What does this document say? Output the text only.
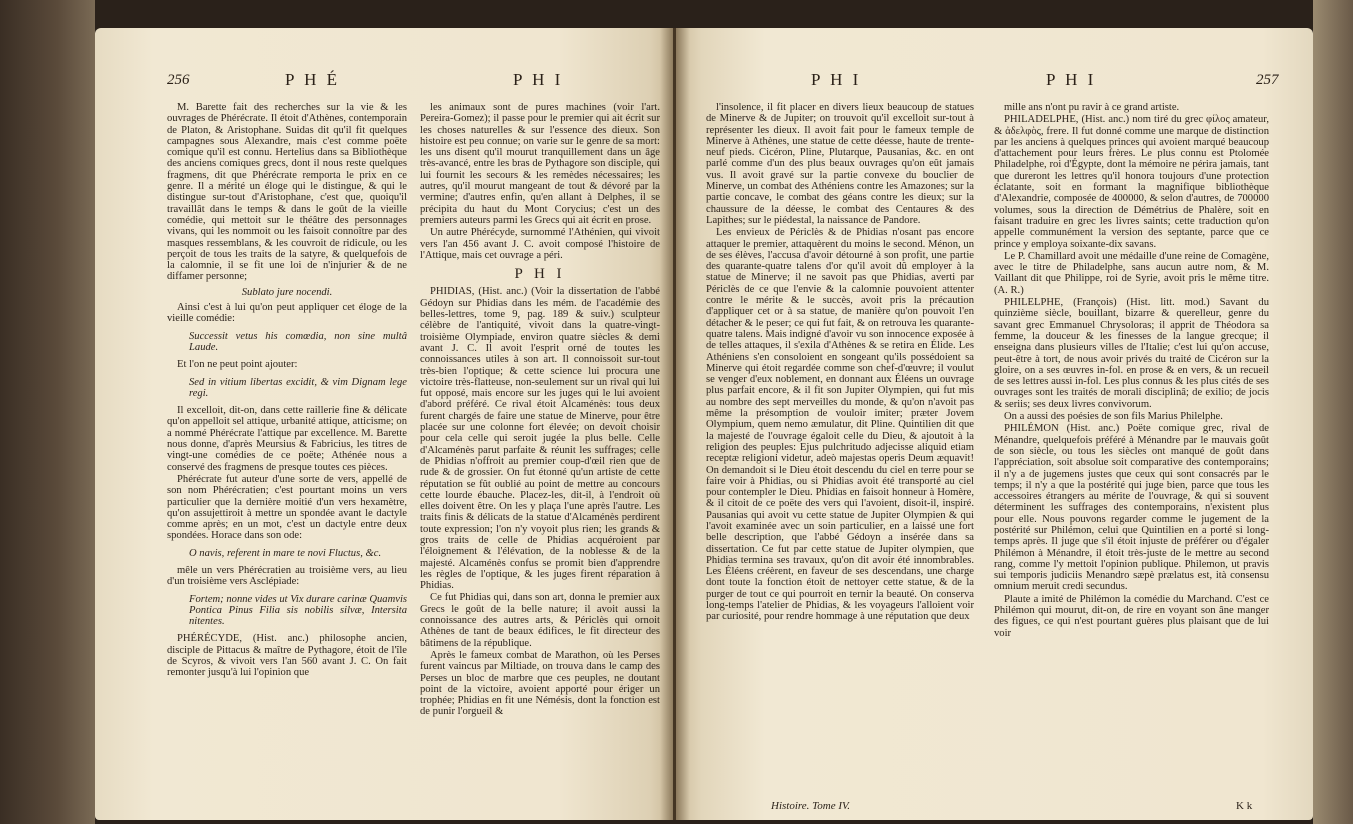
256	P H É	P H I

M. Barette fait des recherches sur la vie & les ouvrages de Phérécrate. Il étoit d'Athènes, contemporain de Platon, & Aristophane. Suidas dit qu'il fit quelques campagnes sous Alexandre, mais c'est comme poëte comique qu'il est connu. Hertelius dans sa Bibliothèque des anciens comiques grecs, dont il nous reste quelques fragmens, dit que Phérécrate remporta le prix en ce genre. Il a mérité un éloge qui le distingue, & qui le distingue sur-tout d'Aristophane, c'est que, quoiqu'il travaillât dans le temps & dans le goût de la vieille comédie, qui mettoit sur le théâtre des personnages vivans, qui les nommoit ou les faisoit connoître par des masques ressemblans, & les couvroit de ridicule, ou les perçoit de tous les traits de la satyre, & quelquefois de la calomnie, il se fit une loi de n'injurier & de ne diffamer personne;

Sublato jure nocendi.

Ainsi c'est à lui qu'on peut appliquer cet éloge de la vieille comédie:

Successit vetus his comœdia, non sine multâ Laude.

Et l'on ne peut point ajouter:

Sed in vitium libertas excidit, & vim Dignam lege regi.

Il excelloit, dit-on, dans cette raillerie fine & délicate qu'on appelloit sel attique, urbanité attique, atticisme; on a nommé Phérécrate l'attique par excellence. M. Barette nous donne, d'après Meursius & Fabricius, les titres de vingt-une comédies de ce poëte; Athénée nous a conservé des fragmens de presque toutes ces pièces.

Phérécrate fut auteur d'une sorte de vers, appellé de son nom Phérécratien; c'est pourtant moins un vers particulier que la dernière moitié d'un vers hexamètre, qu'on assujettiroit à mettre un spondée avant le dactyle comme après; en un mot, c'est un dactyle entre deux spondées. Horace dans son ode:

O navis, referent in mare te novi Fluctus, &c.

mêle un vers Phérécratien au troisième vers, au lieu d'un troisième vers Asclépiade:

Fortem; nonne vides ut Vix durare carinæ Quamvis Pontica Pinus Filia sis nobilis silvæ, Intersita nitentes.

PHÉRÉCYDE, (Hist. anc.) philosophe ancien, disciple de Pittacus & maître de Pythagore, étoit de l'île de Scyros, & vivoit vers l'an 560 avant J. C. On fait remonter jusqu'à lui l'opinion que

les animaux sont de pures machines (voir l'art. Pereira-Gomez); il passe pour le premier qui ait écrit sur les choses naturelles & sur l'essence des dieux. Son histoire est peu connue; on varie sur le genre de sa mort: les uns disent qu'il mourut tranquillement dans un âge très-avancé, entre les bras de Pythagore son disciple, qui lui fournit les secours & les remèdes nécessaires; les autres, qu'il mourut mangeant de tout & dévoré par la vermine; d'autres enfin, qu'en allant à Delphes, il se précipita du haut du Mont Corycius; c'est un des premiers auteurs parmi les Grecs qui ait écrit en prose.

Un autre Phérécyde, surnommé l'Athénien, qui vivoit vers l'an 456 avant J. C. avoit composé l'histoire de l'Attique, mais cet ouvrage a péri.

P H I

PHIDIAS, (Hist. anc.) (Voir la dissertation de l'abbé Gédoyn sur Phidias dans les mém. de l'académie des belles-lettres, tome 9, pag. 189 & suiv.) sculpteur célèbre de l'antiquité, vivoit dans la quatre-vingt-troisième Olympiade, environ quatre siècles & demi avant J. C. Il avoit l'esprit orné de toutes les connoissances utiles à son art. Il connoissoit sur-tout très-bien l'optique; & cette science lui procura une victoire très-flatteuse, non-seulement sur un rival qui lui fut opposé, mais encore sur les juges qui le lui avoient d'abord préféré. Ce rival étoit Alcaménès: tous deux furent chargés de faire une statue de Minerve, pour être placée sur une colonne fort élevée; on devoit choisir pour cela celle qui seroit jugée la plus belle. Celle d'Alcaménès parut parfaite & réunit les suffrages; celle de Phidias n'offroit au premier coup-d'œil rien que de rude & de grossier. On fut étonné qu'un artiste de cette réputation se fût oublié au point de mettre au concours cette lourde ébauche. Placez-les, dit-il, à l'endroit où elles doivent être. On les y plaça l'une après l'autre. Les traits finis & délicats de la statue d'Alcaménès perdirent toute expression; l'on n'y voyoit plus rien; les grands & gros traits de celle de Phidias acquéroient par l'éloignement & l'élévation, de la noblesse & de la majesté. Alcaménès confus se promit bien d'apprendre les règles de l'optique, & les juges firent réparation à Phidias.

Ce fut Phidias qui, dans son art, donna le premier aux Grecs le goût de la belle nature; il avoit aussi la connoissance des autres arts, & Périclès qui ornoit Athènes de tant de beaux édifices, le fit directeur des bâtimens de la république.

Après le fameux combat de Marathon, où les Perses furent vaincus par Miltiade, on trouva dans le camp des Perses un bloc de marbre que ces peuples, ne doutant point de la victoire, avoient apporté pour ériger un trophée; Phidias en fit une Némésis, dont la fonction est de punir l'orgueil &

P H I	P H I	257

l'insolence, il fit placer en divers lieux beaucoup de statues de Minerve & de Jupiter; on trouvoit qu'il excelloit sur-tout à représenter les dieux. Il avoit fait pour le fameux temple de Minerve à Athènes, une statue de cette déesse, haute de trente-neuf pieds. Cicéron, Pline, Plutarque, Pausanias, &c. en ont parlé comme d'un des plus beaux ouvrages qu'on eût jamais vus. Il avoit gravé sur la partie convexe du bouclier de Minerve, un combat des Athéniens contre les Amazones; sur la partie concave, le combat des géans contre les dieux; sur la chaussure de la déesse, le combat des Centaures & des Lapithes; sur le piédestal, la naissance de Pandore.

Les envieux de Périclès & de Phidias n'osant pas encore attaquer le premier, attaquèrent du moins le second. Ménon, un de ses élèves, l'accusa d'avoir détourné à son profit, une partie des quarante-quatre talens d'or qu'il avoit dû employer à la statue de Minerve; il ne savoit pas que Phidias, averti par Périclès de ce que l'envie & la calomnie pouvoient attenter contre le mérite & le succès, avoit pris la précaution d'appliquer cet or à sa statue, de manière qu'on pouvoit l'en détacher & le peser; ce qui fut fait, & on retrouva les quarante-quatre talens. Mais indigné d'avoir vu son innocence exposée à de telles attaques, il s'exila d'Athènes & se retira en Élide. Les Athéniens s'en consoloient en songeant qu'ils possédoient sa Minerve qui étoit regardée comme son chef-d'œuvre; il voulut se venger d'eux noblement, en donnant aux Éléens un ouvrage plus parfait encore, & il fit son Jupiter Olympien, qui fut mis au nombre des sept merveilles du monde, & qu'on n'avoit pas même la présomption de vouloir imiter; præter Jovem Olympium, quem nemo æmulatur, dit Pline. Quintilien dit que la majesté de l'ouvrage égaloit celle du Dieu, & ajoutoit à la religion des peuples: Ejus pulchritudo adjecisse aliquid etiam receptæ religioni videtur, adeò majestas operis Deum æquavit! On demandoit si le Dieu étoit descendu du ciel en terre pour se faire voir à Phidias, ou si Phidias avoit été transporté au ciel pour contempler le Dieu. Phidias en faisoit honneur à Homère, & il citoit de ce poëte des vers qui l'avoient, disoit-il, inspiré. Pausanias qui avoit vu cette statue de Jupiter Olympien & qui l'avoit examinée avec un soin particulier, en a laissé une fort belle description, que l'abbé Gédoyn a insérée dans sa dissertation. Ce fut par cette statue de Jupiter olympien, que Phidias termina ses travaux, qu'on dit avoir été innombrables. Les Éléens créèrent, en faveur de ses descendans, une charge dont toute la fonction étoit de nettoyer cette statue, & de la purger de tout ce qui pourroit en ternir la beauté. On conserva long-temps l'atelier de Phidias, & les voyageurs l'alloient voir par curiosité, pour rendre hommage à une réputation que deux

Histoire. Tome IV.

mille ans n'ont pu ravir à ce grand artiste.

PHILADELPHE, (Hist. anc.) nom tiré du grec φίλος amateur, & ἀδελφὸς, frere. Il fut donné comme une marque de distinction par les anciens à quelques princes qui avoient marqué beaucoup d'attachement pour leurs frères. Le plus connu est Ptolomée Philadelphe, roi d'Égypte, dont la mémoire ne périra jamais, tant que dureront les lettres qu'il honora toujours d'une protection éclatante, soit en formant la magnifique bibliothèque d'Alexandrie, composée de 400000, & selon d'autres, de 700000 volumes, sous la direction de Démétrius de Phalère, soit en faisant traduire en grec les livres saints; cette traduction qu'on appelle communément la version des septante, parce que ce prince y employa soixante-dix savans.

Le P. Chamillard avoit une médaille d'une reine de Comagène, avec le titre de Philadelphe, sans aucun autre nom, & M. Vaillant dit que Philippe, roi de Syrie, avoit pris le même titre. (A. R.)

PHILELPHE, (François) (Hist. litt. mod.) Savant du quinzième siècle, bouillant, bizarre & querelleur, genre du savant grec Emmanuel Chrysoloras; il apprit de Théodora sa femme, la douceur & les finesses de la langue grecque; il enseigna dans plusieurs villes de l'Italie; c'est lui qu'on accuse, peut-être à tort, de nous avoir privés du traité de Cicéron sur la gloire, on a ses œuvres in-fol. en prose & en vers, & un recueil de ses lettres aussi in-fol. Les plus connus & les plus cités de ses ouvrages sont les traités de morali disciplinâ; de exilio; de jocis & seriis; ses deux livres convivorum.

On a aussi des poésies de son fils Marius Philelphe.

PHILÉMON (Hist. anc.) Poëte comique grec, rival de Ménandre, quelquefois préféré à Ménandre par le mauvais goût de son siècle, ou tous les siècles ont manqué de goût dans l'appréciation, soit absolue soit comparative des contemporains; il n'y a de jugemens justes que ceux qui sont consacrés par le temps; il n'y a que la postérité qui juge bien, parce que tous les accessoires étrangers au mérite de l'ouvrage, & qui si souvent déterminent les suffrages des contemporains, n'existent plus pour elle. Nous pouvons regarder comme le jugement de la postérité sur Philémon, celui que Quintilien en a porté si long-temps après. Il juge que s'il étoit injuste de préférer ou d'égaler Philémon à Ménandre, il étoit très-juste de le mettre au second rang, comme l'y mettoit l'opinion publique. Philemon, ut pravis sui temporis judiciis Menandro sæpè prælatus est, ità consensu omnium meruit credi secundus.

Plaute a imité de Philémon la comédie du Marchand. C'est ce Philémon qui mourut, dit-on, de rire en voyant son âne manger des figues, ce qui n'est pourtant guères plus plaisant que de lui voir

K k
